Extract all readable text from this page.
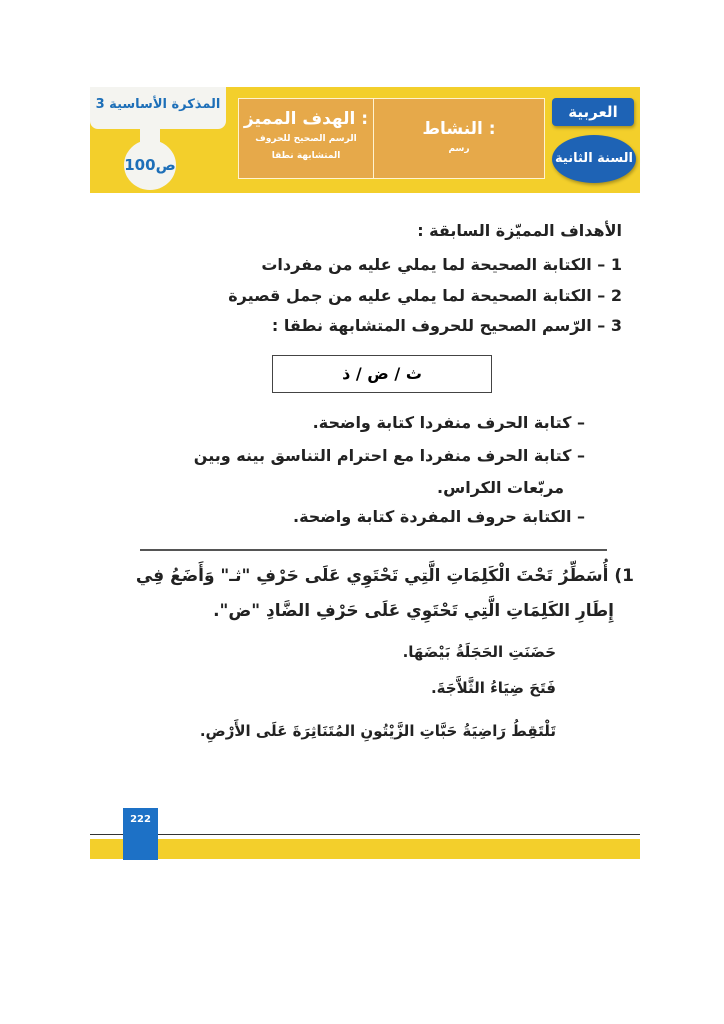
100ص
المذكرة الأساسية 3
الهدف المميز :
الرسم الصحيح للحروف
المتشابهة نطقا
النشاط :
رسم
العربية
السنة الثانية
الأهداف المميّزة السابقة :
1 – الكتابة الصحيحة لما يملي عليه من مفردات
2 – الكتابة الصحيحة لما يملي عليه من جمل قصيرة
3 – الرّسم الصحيح للحروف المتشابهة نطقا :
ث / ض / ذ
– كتابة الحرف منفردا كتابة واضحة.
– كتابة الحرف منفردا مع احترام التناسق بينه وبين
مربّعات الكراس.
– الكتابة حروف المفردة كتابة واضحة.
1) أُسَطِّرُ تَحْتَ الْكَلِمَاتِ الَّتِي تَحْتَوِي عَلَى حَرْفِ "ثـ" وَأَضَعُ فِي
إِطَارِ الكَلِمَاتِ الَّتِي تَحْتَوِي عَلَى حَرْفِ الضَّادِ "ض".
حَضَنَتِ الحَجَلَةُ بَيْضَهَا.
فَتَحَ ضِيَاءُ الثَّلاَّجَةَ.
تَلْتَقِطُ رَاضِيَةُ حَبَّاتِ الزَّيْتُونِ المُتَنَاثِرَةَ عَلَى الأَرْضِ.
222
